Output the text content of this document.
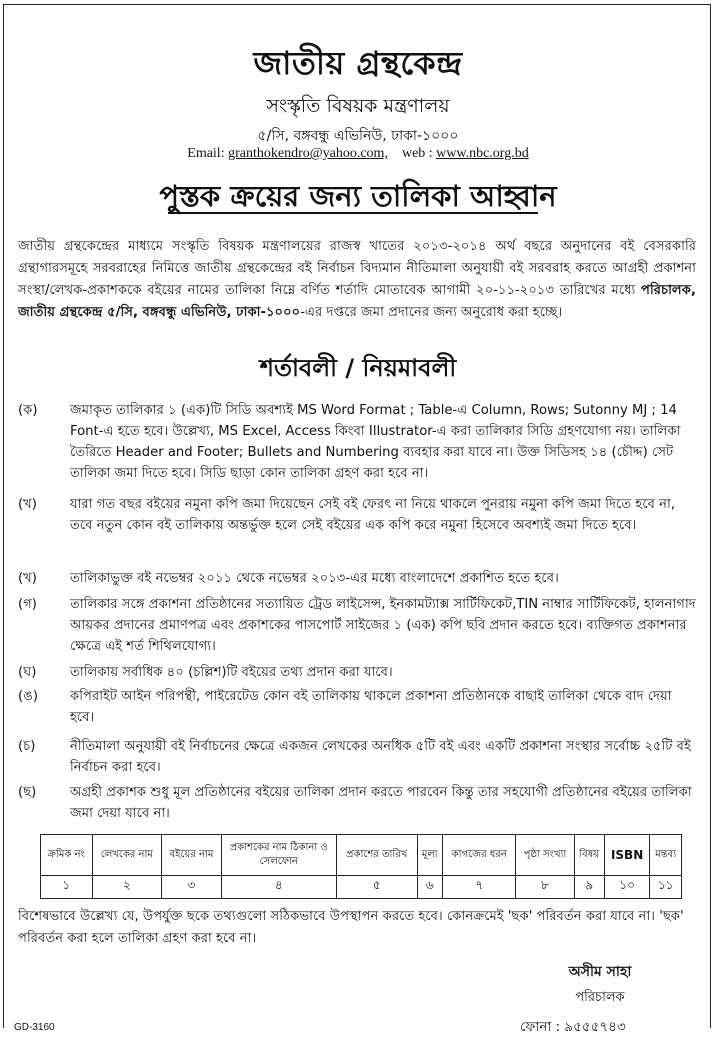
জাতীয় গ্রন্থকেন্দ্র
সংস্কৃতি বিষয়ক মন্ত্রণালয়
৫/সি, বঙ্গবন্ধু এভিনিউ, ঢাকা-১০০০
Email: granthokendro@yahoo.com, web : www.nbc.org.bd
পুস্তক ক্রয়ের জন্য তালিকা আহ্বান
জাতীয় গ্রন্থকেন্দ্রের মাধ্যমে সংস্কৃতি বিষয়ক মন্ত্রণালয়ের রাজস্ব খাতের ২০১৩-২০১৪ অর্থ বছরে অনুদানের বই বেসরকারি গ্রন্থাগারসমূহে সরবরাহের নিমিত্তে জাতীয় গ্রন্থকেন্দ্রের বই নির্বাচন বিদ্যমান নীতিমালা অনুযায়ী বই সরবরাহ করতে আগ্রহী প্রকাশনা সংস্থা/লেখক-প্রকাশককে বইয়ের নামের তালিকা নিম্নে বর্ণিত শর্তাদি মোতাবেক আগামী ২০-১১-২০১৩ তারিখের মধ্যে পরিচালক, জাতীয় গ্রন্থকেন্দ্র ৫/সি, বঙ্গবন্ধু এভিনিউ, ঢাকা-১০০০-এর দপ্তরে জমা প্রদানের জন্য অনুরোধ করা হচ্ছে।
শর্তাবলী / নিয়মাবলী
(ক)	জমাকৃত তালিকার ১ (এক)টি সিডি অবশ্যই MS Word Format ; Table-এ Column, Rows; Sutonny MJ ; 14 Font-এ হতে হবে। উল্লেখ্য, MS Excel, Access কিংবা Illustrator-এ করা তালিকার সিডি গ্রহণযোগ্য নয়। তালিকা তৈরিতে Header and Footer; Bullets and Numbering ব্যবহার করা যাবে না। উক্ত সিডিসহ ১৪ (চৌদ্দ) সেট তালিকা জমা দিতে হবে। সিডি ছাড়া কোন তালিকা গ্রহণ করা হবে না।
(খ)	যারা গত বছর বইয়ের নমুনা কপি জমা দিয়েছেন সেই বই ফেরৎ না নিয়ে থাকলে পুনরায় নমুনা কপি জমা দিতে হবে না, তবে নতুন কোন বই তালিকায় অন্তর্ভুক্ত হলে সেই বইয়ের এক কপি করে নমুনা হিসেবে অবশ্যই জমা দিতে হবে।
(খ)	তালিকাভুক্ত বই নভেম্বর ২০১১ থেকে নভেম্বর ২০১৩-এর মধ্যে বাংলাদেশে প্রকাশিত হতে হবে।
(গ)	তালিকার সঙ্গে প্রকাশনা প্রতিষ্ঠানের সত্যায়িত ট্রেড লাইসেন্স, ইনকামট্যাক্স সার্টিফিকেট,TIN নাম্বার সার্টিফিকেট, হালনাগাদ আয়কর প্রদানের প্রমাণপত্র এবং প্রকাশকের পাসপোর্ট সাইজের ১ (এক) কপি ছবি প্রদান করতে হবে। ব্যক্তিগত প্রকাশনার ক্ষেত্রে এই শর্ত শিথিলযোগ্য।
(ঘ)	তালিকায় সর্বাধিক ৪০ (চল্লিশ)টি বইয়ের তথ্য প্রদান করা যাবে।
(ঙ)	কপিরাইট আইন পরিপন্থী, পাইরেটেড কোন বই তালিকায় থাকলে প্রকাশনা প্রতিষ্ঠানকে বাছাই তালিকা থেকে বাদ দেয়া হবে।
(চ)	নীতিমালা অনুযায়ী বই নির্বাচনের ক্ষেত্রে একজন লেখকের অনধিক ৫টি বই এবং একটি প্রকাশনা সংস্থার সর্বোচ্চ ২৫টি বই নির্বাচন করা হবে।
(ছ)	অগ্রহী প্রকাশক শুধু মূল প্রতিষ্ঠানের বইয়ের তালিকা প্রদান করতে পারবেন কিন্তু তার সহযোগী প্রতিষ্ঠানের বইয়ের তালিকা জমা দেয়া যাবে না।
ক্রমিক নং	লেখকের নাম	বইয়ের নাম	প্রকাশকের নাম ঠিকানা ও সেলফোন	প্রকাশের তারিখ	মূল্য	কাগজের ধরন	পৃষ্ঠা সংখ্যা	বিষয়	ISBN	মন্তব্য
১	২	৩	৪	৫	৬	৭	৮	৯	১০	১১
বিশেষভাবে উল্লেখ্য যে, উপর্যুক্ত ছকে তথ্যগুলো সঠিকভাবে উপস্থাপন করতে হবে। কোনক্রমেই 'ছক' পরিবর্তন করা যাবে না। 'ছক' পরিবর্তন করা হলে তালিকা গ্রহণ করা হবে না।
অসীম সাহা
পরিচালক
ফোনা : ৯৫৫৫৭৪৩
GD-3160
